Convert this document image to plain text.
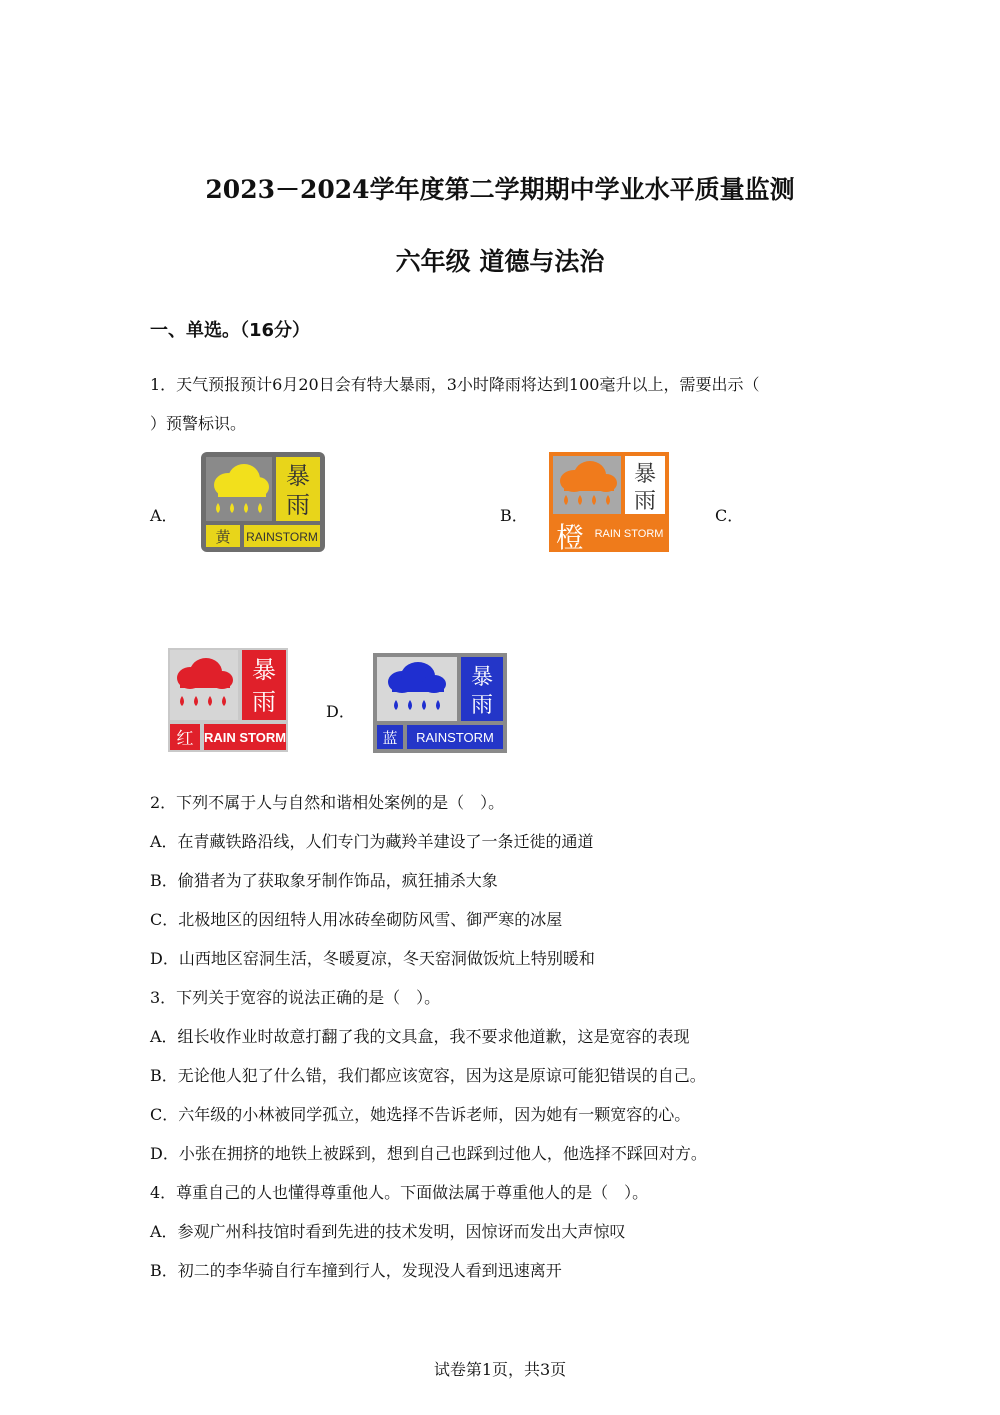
2023－2024学年度第二学期期中学业水平质量监测
六年级 道德与法治
一、单选。（16分）
1．天气预报预计6月20日会有特大暴雨，3小时降雨将达到100毫升以上，需要出示（
）预警标识。
A．
暴
雨
黄 RAINSTORM
B．
暴
雨
橙 RAIN STORM
C．
暴
雨
红 RAIN STORM
D．
暴
雨
蓝 RAINSTORM
2．下列不属于人与自然和谐相处案例的是（　）。
A．在青藏铁路沿线，人们专门为藏羚羊建设了一条迁徙的通道
B．偷猎者为了获取象牙制作饰品，疯狂捕杀大象
C．北极地区的因纽特人用冰砖垒砌防风雪、御严寒的冰屋
D．山西地区窑洞生活，冬暖夏凉，冬天窑洞做饭炕上特别暖和
3．下列关于宽容的说法正确的是（　）。
A．组长收作业时故意打翻了我的文具盒，我不要求他道歉，这是宽容的表现
B．无论他人犯了什么错，我们都应该宽容，因为这是原谅可能犯错误的自己。
C．六年级的小林被同学孤立，她选择不告诉老师，因为她有一颗宽容的心。
D．小张在拥挤的地铁上被踩到，想到自己也踩到过他人，他选择不踩回对方。
4．尊重自己的人也懂得尊重他人。下面做法属于尊重他人的是（　）。
A．参观广州科技馆时看到先进的技术发明，因惊讶而发出大声惊叹
B．初二的李华骑自行车撞到行人，发现没人看到迅速离开
试卷第1页，共3页
